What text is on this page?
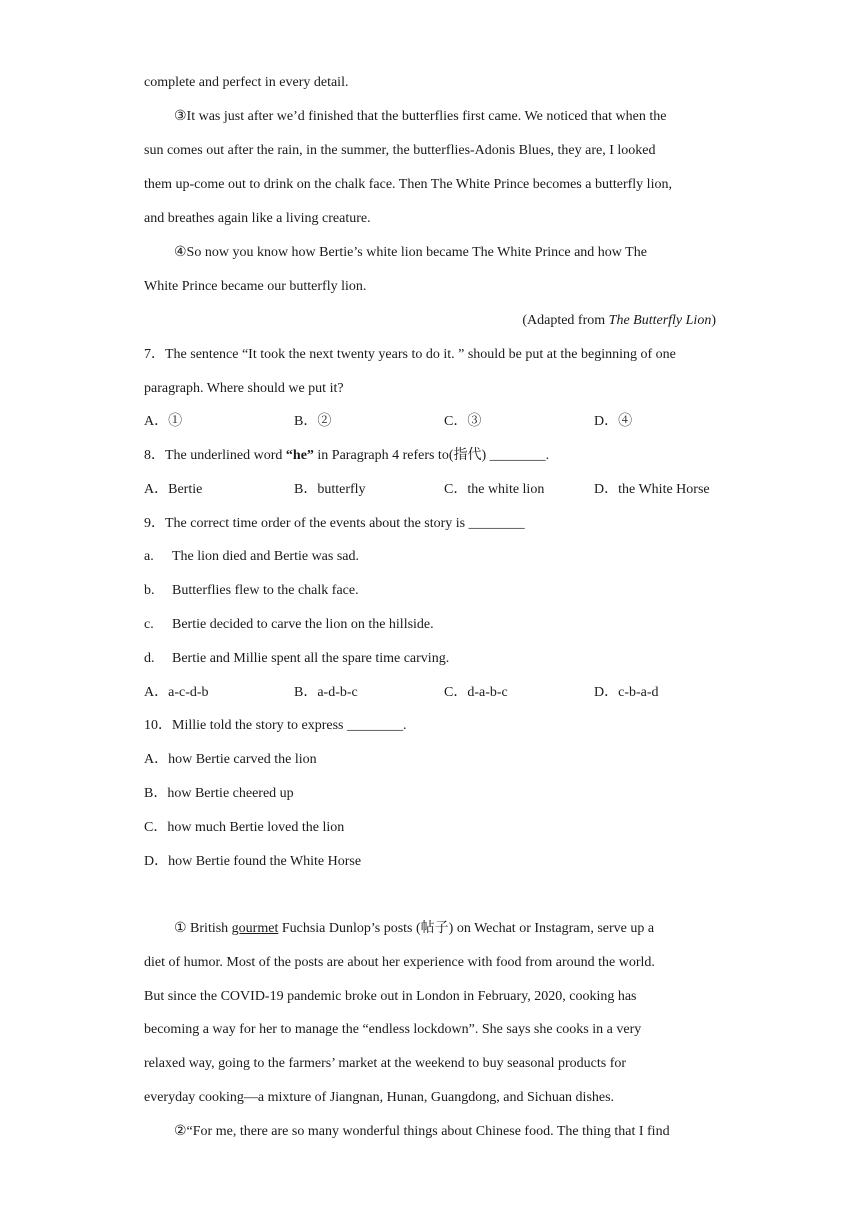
complete and perfect in every detail.
③It was just after we’d finished that the butterflies first came. We noticed that when the
sun comes out after the rain, in the summer, the butterflies-Adonis Blues, they are, I looked
them up-come out to drink on the chalk face. Then The White Prince becomes a butterfly lion,
and breathes again like a living creature.
④So now you know how Bertie’s white lion became The White Prince and how The
White Prince became our butterfly lion.
(Adapted from The Butterfly Lion)
7．The sentence “It took the next twenty years to do it. ” should be put at the beginning of one
paragraph. Where should we put it?
A．①	B．②	C．③	D．④
8．The underlined word “he” in Paragraph 4 refers to(指代) ________.
A．Bertie	B．butterfly	C．the white lion	D．the White Horse
9．The correct time order of the events about the story is ________
a. The lion died and Bertie was sad.
b. Butterflies flew to the chalk face.
c. Bertie decided to carve the lion on the hillside.
d. Bertie and Millie spent all the spare time carving.
A．a-c-d-b	B．a-d-b-c	C．d-a-b-c	D．c-b-a-d
10．Millie told the story to express ________.
A．how Bertie carved the lion
B．how Bertie cheered up
C．how much Bertie loved the lion
D．how Bertie found the White Horse
① British gourmet Fuchsia Dunlop’s posts (帖子) on Wechat or Instagram, serve up a
diet of humor. Most of the posts are about her experience with food from around the world.
But since the COVID-19 pandemic broke out in London in February, 2020, cooking has
becoming a way for her to manage the “endless lockdown”. She says she cooks in a very
relaxed way, going to the farmers’ market at the weekend to buy seasonal products for
everyday cooking—a mixture of Jiangnan, Hunan, Guangdong, and Sichuan dishes.
②“For me, there are so many wonderful things about Chinese food. The thing that I find
